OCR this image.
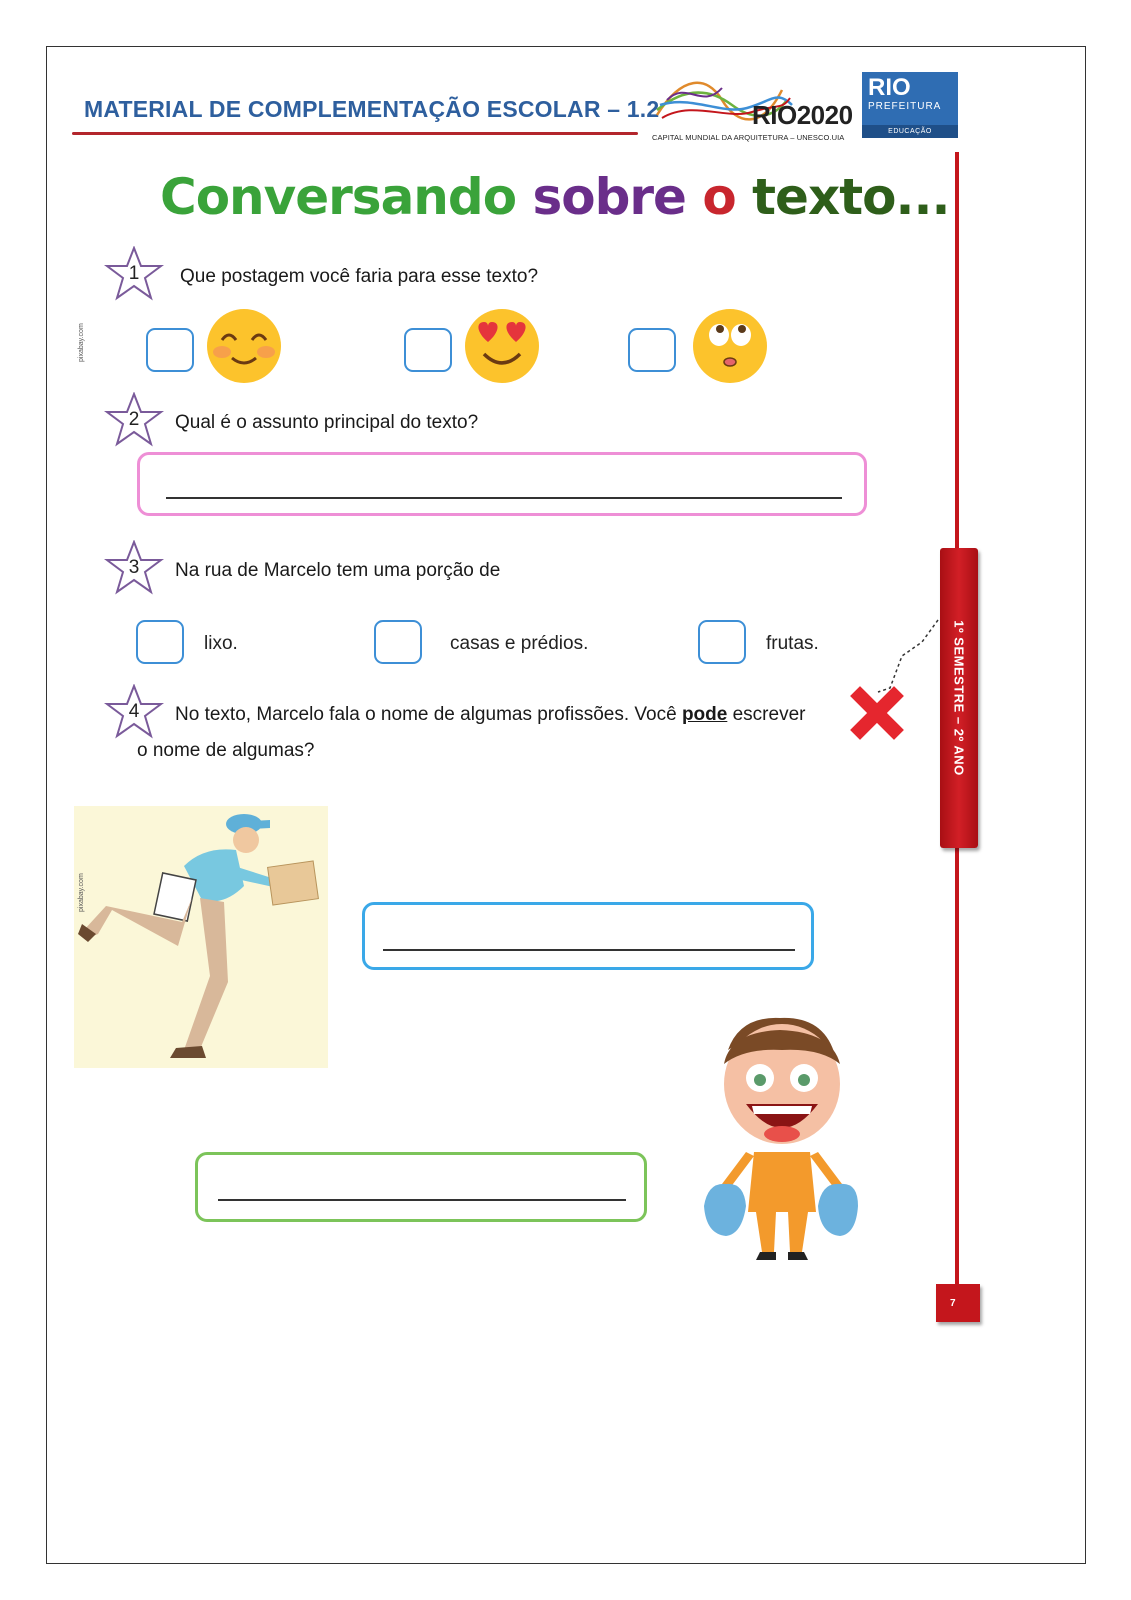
MATERIAL DE COMPLEMENTAÇÃO ESCOLAR – 1.2	RIO2020
CAPITAL MUNDIAL DA ARQUITETURA – UNESCO.UIA
RIO
PREFEITURA
EDUCAÇÃO
1º SEMESTRE – 2º ANO
7
Conversando sobre o texto...
1	Que postagem você faria para esse texto?
pixabay.com
2	Qual é o assunto principal do texto?
3	Na rua de Marcelo tem uma porção de
lixo.	casas e prédios.	frutas.
4	No texto, Marcelo fala o nome de algumas profissões. Você pode escrever
o nome de algumas?
pixabay.com
